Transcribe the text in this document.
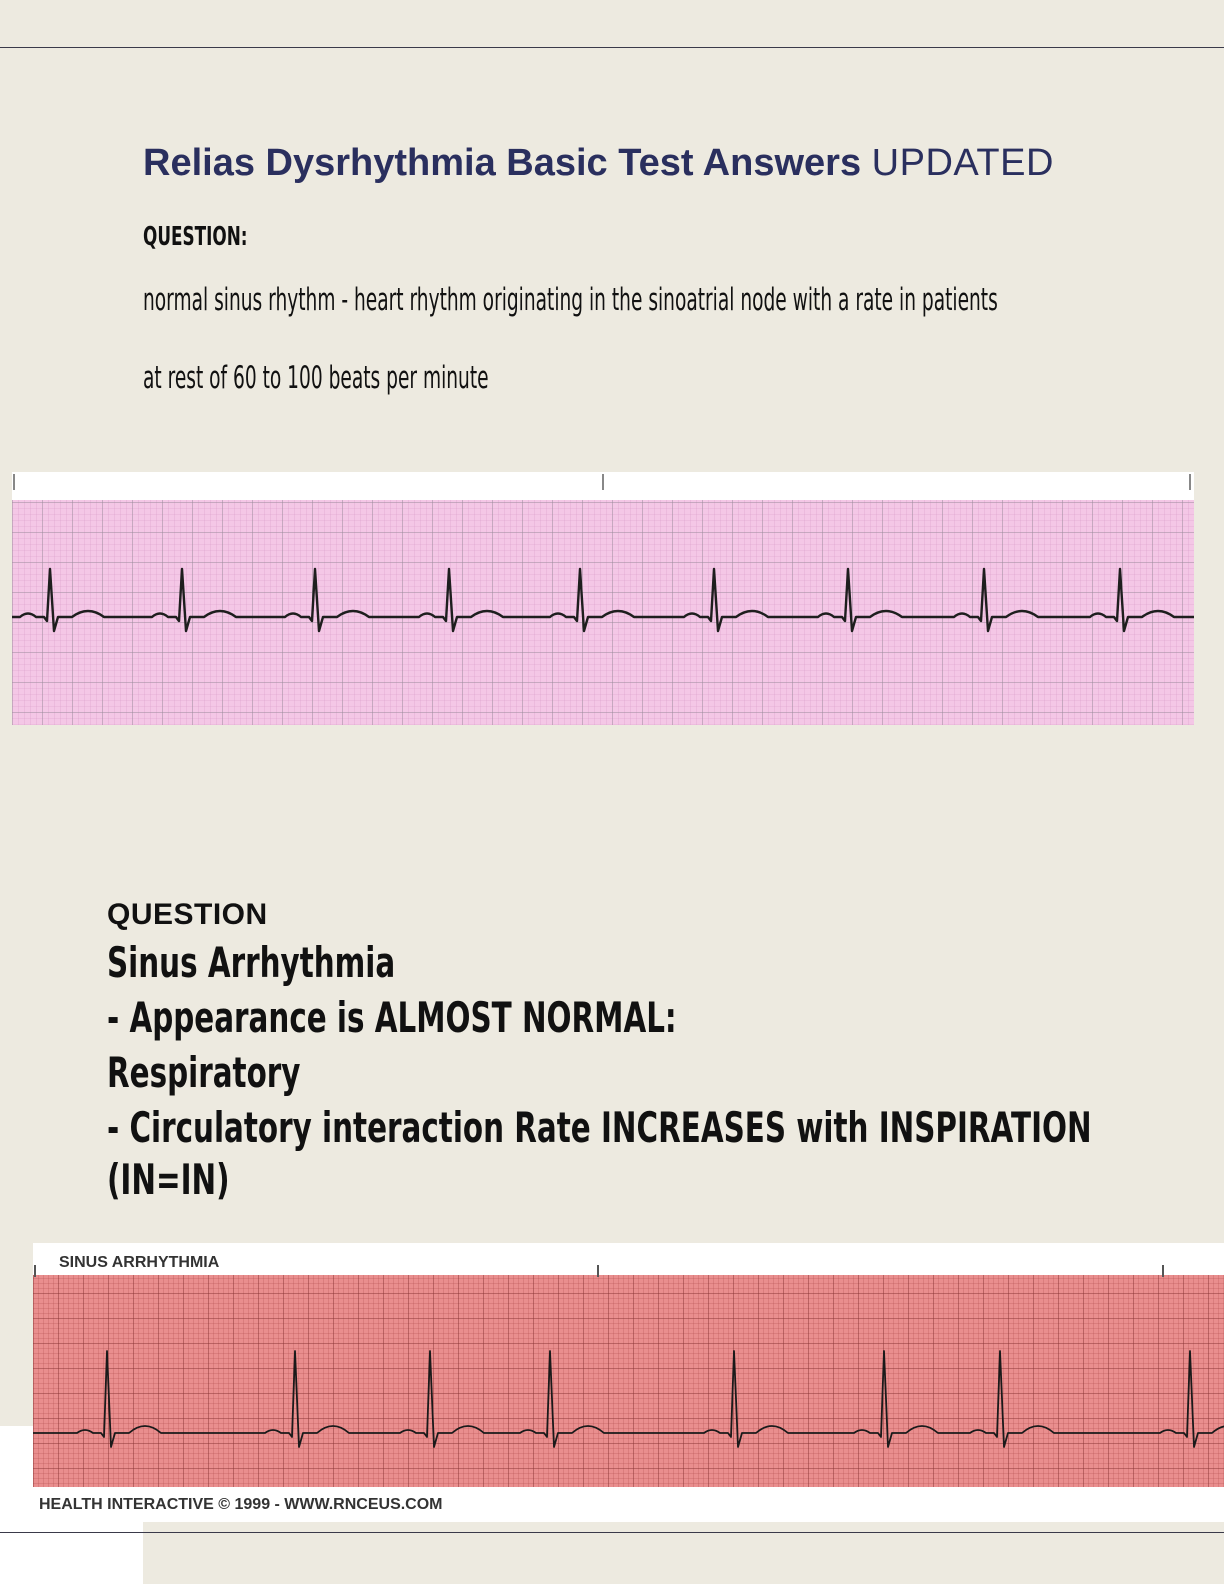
Relias Dysrhythmia Basic Test Answers UPDATED
QUESTION:
normal sinus rhythm - heart rhythm originating in the sinoatrial node with a rate in patients
at rest of 60 to 100 beats per minute
QUESTION
Sinus Arrhythmia
- Appearance is ALMOST NORMAL:
Respiratory
- Circulatory interaction Rate INCREASES with INSPIRATION
(IN=IN)
SINUS ARRHYTHMIA
HEALTH INTERACTIVE © 1999 - WWW.RNCEUS.COM
